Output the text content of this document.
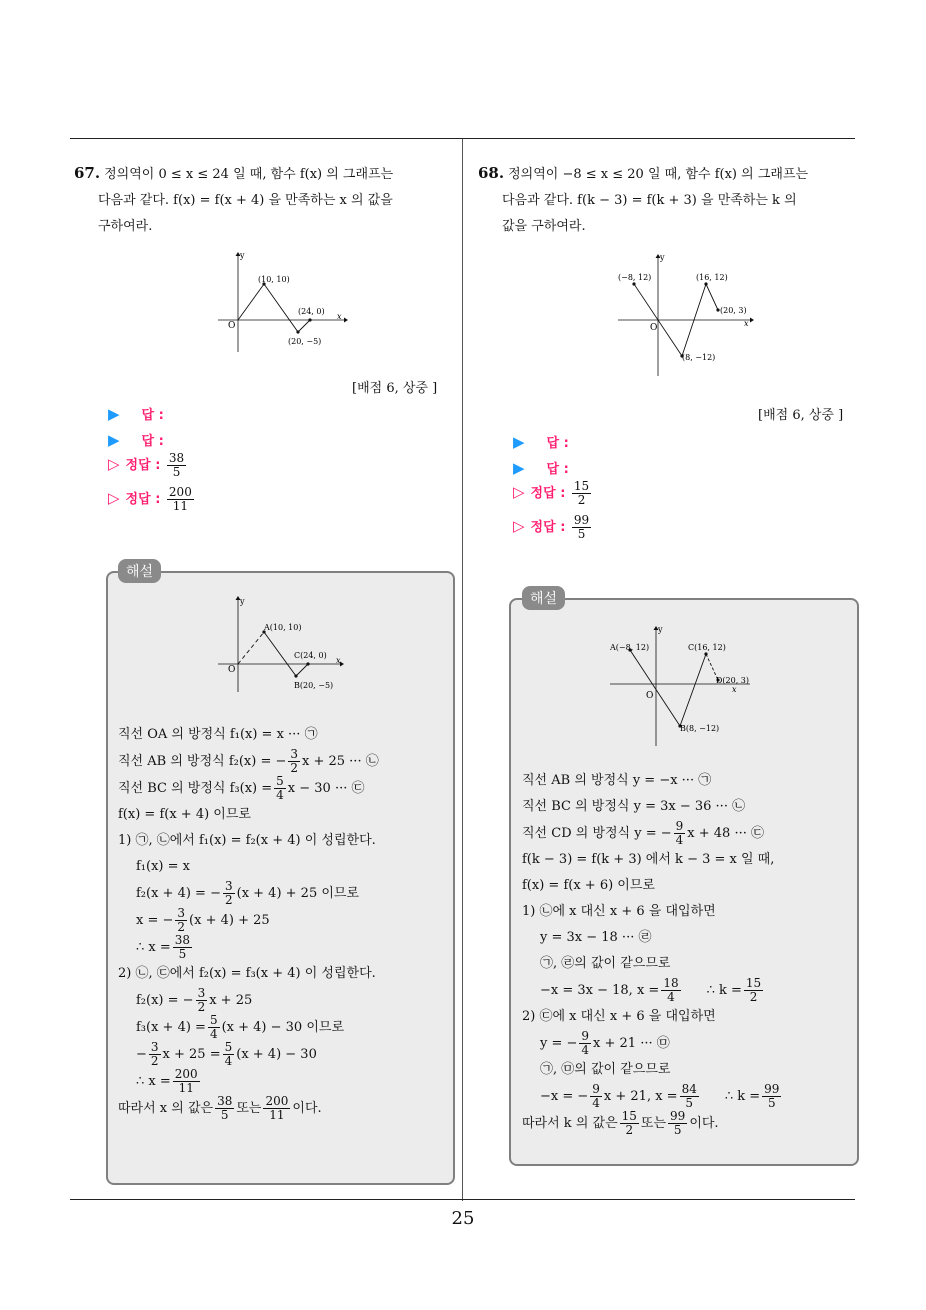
67. 정의역이 0 ≤ x ≤ 24 일 때, 함수 f(x) 의 그래프는
다음과 같다. f(x) = f(x + 4) 을 만족하는 x 의 값을
구하여라.
y
x
O
(10, 10)
(24, 0)
(20, −5)
[배점 6, 상중 ]
▶ 답 :
▶ 답 :
▷ 정답 : $\frac{38}{5}$
▷ 정답 : $\frac{200}{11}$
해설
y
x
O
A(10, 10)
C(24, 0)
B(20, −5)
직선 OA 의 방정식 f₁(x) = x ··· ㉠
직선 AB 의 방정식 f₂(x) = − $\frac{3}{2}$ x + 25 ··· ㉡
직선 BC 의 방정식 $f_3(x) = \frac{5}{4}$ x − 30 ··· ㉢
f(x) = f(x + 4) 이므로
1) ㉠, ㉡에서 f₁(x) = f₂(x + 4) 이 성립한다.
f₁(x) = x
f₂(x + 4) = − $\frac{3}{2} (x + 4) + 25$ 이므로
x = − $\frac{3}{2} (x + 4) + 25$
∴ $x = \frac{38}{5}$
2) ㉡, ㉢에서 f₂(x) = f₃(x + 4) 이 성립한다.
f₂(x) = − $\frac{3}{2}$ x + 25
$f_3(x + 4) = \frac{5}{4} (x + 4) - 30$ 이므로
− $\frac{3}{2}$ $x + 25 = \frac{5}{4} (x + 4) - 30$
∴ $x = \frac{200}{11}$
따라서 x 의 값은 $\frac{38}{5}$ 또는 $\frac{200}{11}$ 이다.
68. 정의역이 −8 ≤ x ≤ 20 일 때, 함수 f(x) 의 그래프는
다음과 같다. f(k − 3) = f(k + 3) 을 만족하는 k 의
값을 구하여라.
y
x
O
(−8, 12)	(16, 12)
(20, 3)
(8, −12)
[배점 6, 상중 ]
▶ 답 :
▶ 답 :
▷ 정답 : $\frac{15}{2}$
▷ 정답 : $\frac{99}{5}$
해설
y
x
O
A(−8, 12)	C(16, 12)
D(20, 3)
B(8, −12)
직선 AB 의 방정식 y = −x ··· ㉠
직선 BC 의 방정식 y = 3x − 36 ··· ㉡
직선 CD 의 방정식 y = − $\frac{9}{4}$ x + 48 ··· ㉢
f(k − 3) = f(k + 3) 에서 k − 3 = x 일 때,
f(x) = f(x + 6) 이므로
1) ㉡에 x 대신 x + 6 을 대입하면
y = 3x − 18 ··· ㉣
㉠, ㉣의 값이 같으므로
−x = 3x − 18, $x = \frac{18}{4}$ ∴ $k = \frac{15}{2}$
2) ㉢에 x 대신 x + 6 을 대입하면
y = − $\frac{9}{4}$ x + 21 ··· ㉤
㉠, ㉤의 값이 같으므로
−x = − $\frac{9}{4}$ x + 21, $x = \frac{84}{5}$ ∴ $k = \frac{99}{5}$
따라서 k 의 값은 $\frac{15}{2}$ 또는 $\frac{99}{5}$ 이다.
25
